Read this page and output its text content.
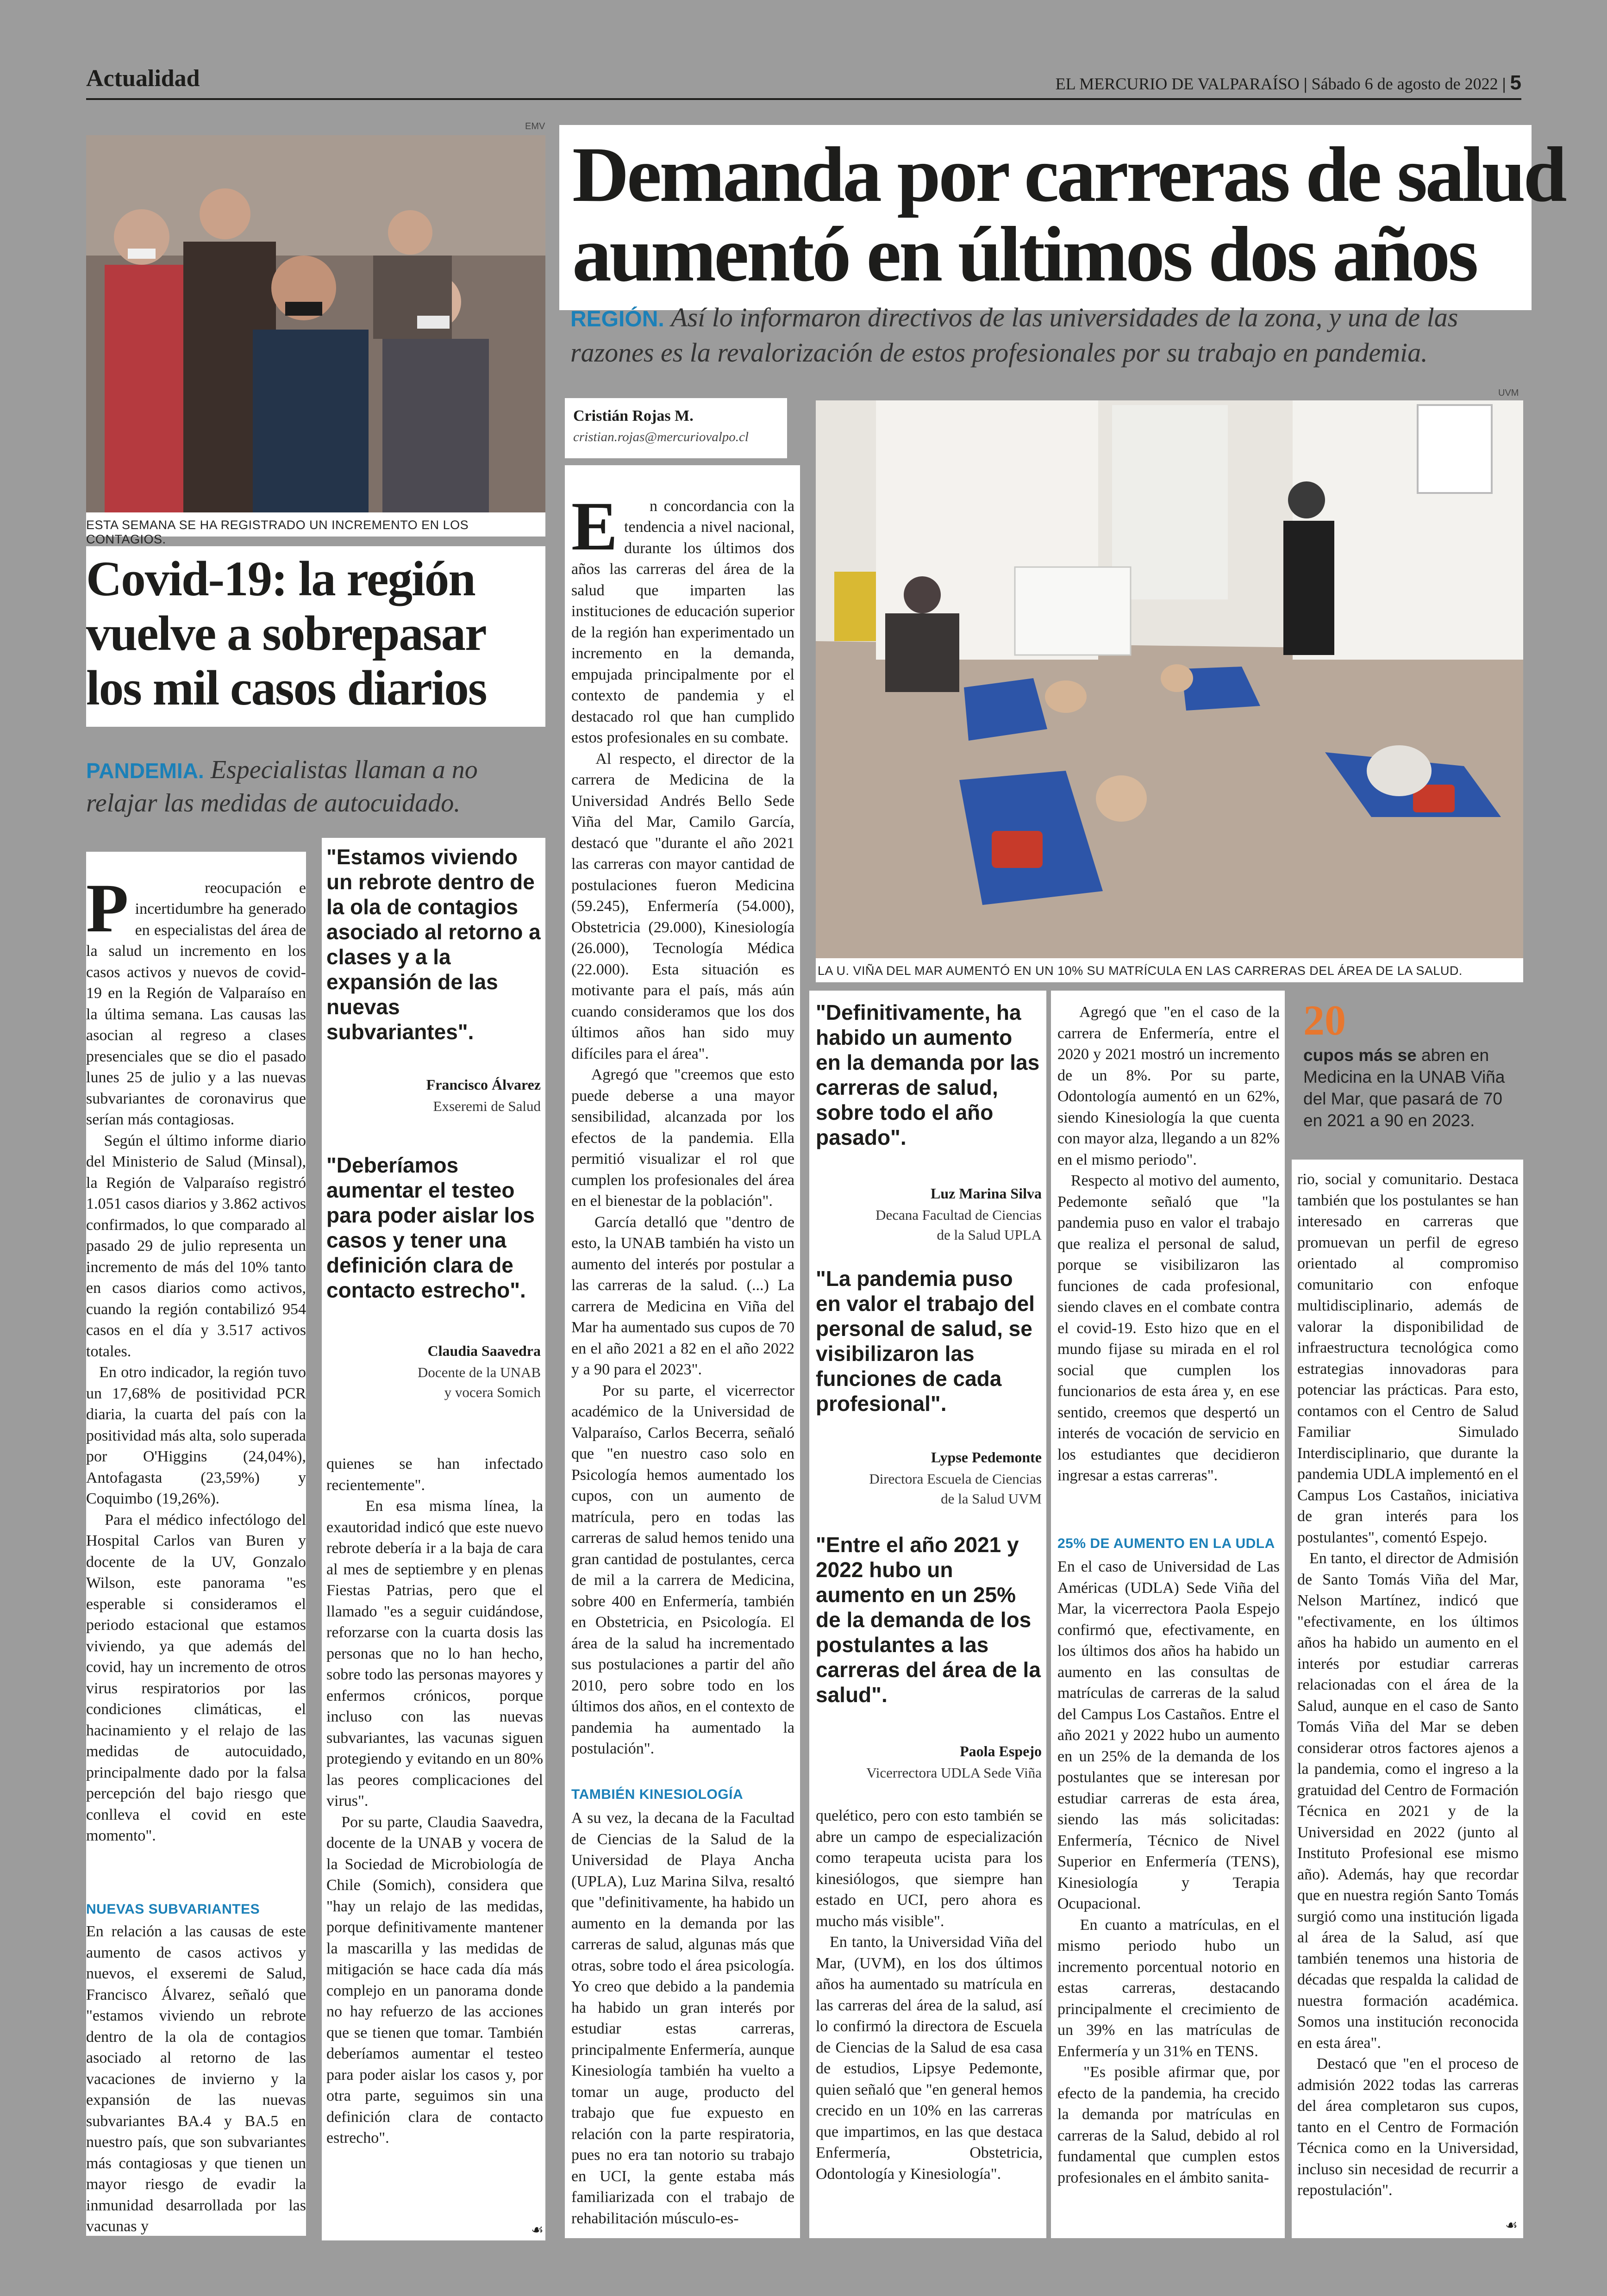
Actualidad	EL MERCURIO DE VALPARAÍSO | Sábado 6 de agosto de 2022 | 5
EMV
ESTA SEMANA SE HA REGISTRADO UN INCREMENTO EN LOS CONTAGIOS.
Covid-19: la región vuelve a sobrepasar los mil casos diarios
PANDEMIA. Especialistas llaman a no relajar las medidas de autocuidado.

P	reocupación e incertidumbre ha generado en especialistas del área de la salud un incremento en los casos activos y nuevos de covid-19 en la Región de Valparaíso en la última semana. Las causas las asocian al regreso a clases presenciales que se dio el pasado lunes 25 de julio y a las nuevas subvariantes de coronavirus que serían más contagiosas.
Según el último informe diario del Ministerio de Salud (Minsal), la Región de Valparaíso registró 1.051 casos diarios y 3.862 activos confirmados, lo que comparado al pasado 29 de julio representa un incremento de más del 10% tanto en casos diarios como activos, cuando la región contabilizó 954 casos en el día y 3.517 activos totales.
En otro indicador, la región tuvo un 17,68% de positividad PCR diaria, la cuarta del país con la positividad más alta, solo superada por O'Higgins (24,04%), Antofagasta (23,59%) y Coquimbo (19,26%).
Para el médico infectólogo del Hospital Carlos van Buren y docente de la UV, Gonzalo Wilson, este panorama "es esperable si consideramos el periodo estacional que estamos viviendo, ya que además del covid, hay un incremento de otros virus respiratorios por las condiciones climáticas, el hacinamiento y el relajo de las medidas de autocuidado, principalmente dado por la falsa percepción del bajo riesgo que conlleva el covid en este momento".

NUEVAS SUBVARIANTES
En relación a las causas de este aumento de casos activos y nuevos, el exseremi de Salud, Francisco Álvarez, señaló que "estamos viviendo un rebrote dentro de la ola de contagios asociado al retorno de las vacaciones de invierno y la expansión de las nuevas subvariantes BA.4 y BA.5 en nuestro país, que son subvariantes más contagiosas y que tienen un mayor riesgo de evadir la inmunidad desarrollada por las vacunas y
"Estamos viviendo un rebrote dentro de la ola de contagios asociado al retorno a clases y a la expansión de las nuevas subvariantes".
Francisco Álvarez
Exseremi de Salud
"Deberíamos aumentar el testeo para poder aislar los casos y tener una definición clara de contacto estrecho".
Claudia Saavedra
Docente de la UNAB
y vocera Somich
quienes se han infectado recientemente".
En esa misma línea, la exautoridad indicó que este nuevo rebrote debería ir a la baja de cara al mes de septiembre y en plenas Fiestas Patrias, pero que el llamado "es a seguir cuidándose, reforzarse con la cuarta dosis las personas que no lo han hecho, sobre todo las personas mayores y enfermos crónicos, porque incluso con las nuevas subvariantes, las vacunas siguen protegiendo y evitando en un 80% las peores complicaciones del virus".
Por su parte, Claudia Saavedra, docente de la UNAB y vocera de la Sociedad de Microbiología de Chile (Somich), considera que "hay un relajo de las medidas, porque definitivamente mantener la mascarilla y las medidas de mitigación se hace cada día más complejo en un panorama donde no hay refuerzo de las acciones que se tienen que tomar. También deberíamos aumentar el testeo para poder aislar los casos y, por otra parte, seguimos sin una definición clara de contacto estrecho".
☙
Demanda por carreras de salud
aumentó en últimos dos años
REGIÓN. Así lo informaron directivos de las universidades de la zona, y una de las razones es la revalorización de estos profesionales por su trabajo en pandemia.
Cristián Rojas M.
cristian.rojas@mercuriovalpo.cl
UVM
LA U. VIÑA DEL MAR AUMENTÓ EN UN 10% SU MATRÍCULA EN LAS CARRERAS DEL ÁREA DE LA SALUD.

E n concordancia con la tendencia a nivel nacional, durante los últimos dos años las carreras del área de la salud que imparten las instituciones de educación superior de la región han experimentado un incremento en la demanda, empujada principalmente por el contexto de pandemia y el destacado rol que han cumplido estos profesionales en su combate.
Al respecto, el director de la carrera de Medicina de la Universidad Andrés Bello Sede Viña del Mar, Camilo García, destacó que "durante el año 2021 las carreras con mayor cantidad de postulaciones fueron Medicina (59.245), Enfermería (54.000), Obstetricia (29.000), Kinesiología (26.000), Tecnología Médica (22.000). Esta situación es motivante para el país, más aún cuando consideramos que los dos últimos años han sido muy difíciles para el área".
Agregó que "creemos que esto puede deberse a una mayor sensibilidad, alcanzada por los efectos de la pandemia. Ella permitió visualizar el rol que cumplen los profesionales del área en el bienestar de la población".
García detalló que "dentro de esto, la UNAB también ha visto un aumento del interés por postular a las carreras de la salud. (...) La carrera de Medicina en Viña del Mar ha aumentado sus cupos de 70 en el año 2021 a 82 en el año 2022 y a 90 para el 2023".
Por su parte, el vicerrector académico de la Universidad de Valparaíso, Carlos Becerra, señaló que "en nuestro caso solo en Psicología hemos aumentado los cupos, con un aumento de matrícula, pero en todas las carreras de salud hemos tenido una gran cantidad de postulantes, cerca de mil a la carrera de Medicina, sobre 400 en Enfermería, también en Obstetricia, en Psicología. El área de la salud ha incrementado sus postulaciones a partir del año 2010, pero sobre todo en los últimos dos años, en el contexto de pandemia ha aumentado la postulación".

TAMBIÉN KINESIOLOGÍA
A su vez, la decana de la Facultad de Ciencias de la Salud de la Universidad de Playa Ancha (UPLA), Luz Marina Silva, resaltó que "definitivamente, ha habido un aumento en la demanda por las carreras de salud, algunas más que otras, sobre todo el área psicología. Yo creo que debido a la pandemia ha habido un gran interés por estudiar estas carreras, principalmente Enfermería, aunque Kinesiología también ha vuelto a tomar un auge, producto del trabajo que fue expuesto en relación con la parte respiratoria, pues no era tan notorio su trabajo en UCI, la gente estaba más familiarizada con el trabajo de rehabilitación músculo-es-
"Definitivamente, ha habido un aumento en la demanda por las carreras de salud, sobre todo el año pasado".
Luz Marina Silva
Decana Facultad de Ciencias
de la Salud UPLA
"La pandemia puso en valor el trabajo del personal de salud, se visibilizaron las funciones de cada profesional".
Lypse Pedemonte
Directora Escuela de Ciencias
de la Salud UVM
"Entre el año 2021 y 2022 hubo un aumento en un 25% de la demanda de los postulantes a las carreras del área de la salud".
Paola Espejo
Vicerrectora UDLA Sede Viña
quelético, pero con esto también se abre un campo de especialización como terapeuta ucista para los kinesiólogos, que siempre han estado en UCI, pero ahora es mucho más visible".
En tanto, la Universidad Viña del Mar, (UVM), en los dos últimos años ha aumentado su matrícula en las carreras del área de la salud, así lo confirmó la directora de Escuela de Ciencias de la Salud de esa casa de estudios, Lipsye Pedemonte, quien señaló que "en general hemos crecido en un 10% en las carreras que impartimos, en las que destaca Enfermería, Obstetricia, Odontología y Kinesiología".
Agregó que "en el caso de la carrera de Enfermería, entre el 2020 y 2021 mostró un incremento de un 8%. Por su parte, Odontología aumentó en un 62%, siendo Kinesiología la que cuenta con mayor alza, llegando a un 82% en el mismo periodo".
Respecto al motivo del aumento, Pedemonte señaló que "la pandemia puso en valor el trabajo que realiza el personal de salud, porque se visibilizaron las funciones de cada profesional, siendo claves en el combate contra el covid-19. Esto hizo que en el mundo fijase su mirada en el rol social que cumplen los funcionarios de esta área y, en ese sentido, creemos que despertó un interés de vocación de servicio en los estudiantes que decidieron ingresar a estas carreras".
25% DE AUMENTO EN LA UDLA
En el caso de Universidad de Las Américas (UDLA) Sede Viña del Mar, la vicerrectora Paola Espejo confirmó que, efectivamente, en los últimos dos años ha habido un aumento en las consultas de matrículas de carreras de la salud del Campus Los Castaños. Entre el año 2021 y 2022 hubo un aumento en un 25% de la demanda de los postulantes que se interesan por estudiar carreras de esta área, siendo las más solicitadas: Enfermería, Técnico de Nivel Superior en Enfermería (TENS), Kinesiología y Terapia Ocupacional.
En cuanto a matrículas, en el mismo periodo hubo un incremento porcentual notorio en estas carreras, destacando principalmente el crecimiento de un 39% en las matrículas de Enfermería y un 31% en TENS.
"Es posible afirmar que, por efecto de la pandemia, ha crecido la demanda por matrículas en carreras de la Salud, debido al rol fundamental que cumplen estos profesionales en el ámbito sanita-
20
cupos más se abren en Medicina en la UNAB Viña del Mar, que pasará de 70 en 2021 a 90 en 2023.
rio, social y comunitario. Destaca también que los postulantes se han interesado en carreras que promuevan un perfil de egreso orientado al compromiso comunitario con enfoque multidisciplinario, además de valorar la disponibilidad de infraestructura tecnológica como estrategias innovadoras para potenciar las prácticas. Para esto, contamos con el Centro de Salud Familiar Simulado Interdisciplinario, que durante la pandemia UDLA implementó en el Campus Los Castaños, iniciativa de gran interés para los postulantes", comentó Espejo.
En tanto, el director de Admisión de Santo Tomás Viña del Mar, Nelson Martínez, indicó que "efectivamente, en los últimos años ha habido un aumento en el interés por estudiar carreras relacionadas con el área de la Salud, aunque en el caso de Santo Tomás Viña del Mar se deben considerar otros factores ajenos a la pandemia, como el ingreso a la gratuidad del Centro de Formación Técnica en 2021 y de la Universidad en 2022 (junto al Instituto Profesional ese mismo año). Además, hay que recordar que en nuestra región Santo Tomás surgió como una institución ligada al área de la Salud, así que también tenemos una historia de décadas que respalda la calidad de nuestra formación académica. Somos una institución reconocida en esta área".
Destacó que "en el proceso de admisión 2022 todas las carreras del área completaron sus cupos, tanto en el Centro de Formación Técnica como en la Universidad, incluso sin necesidad de recurrir a repostulación".
☙
